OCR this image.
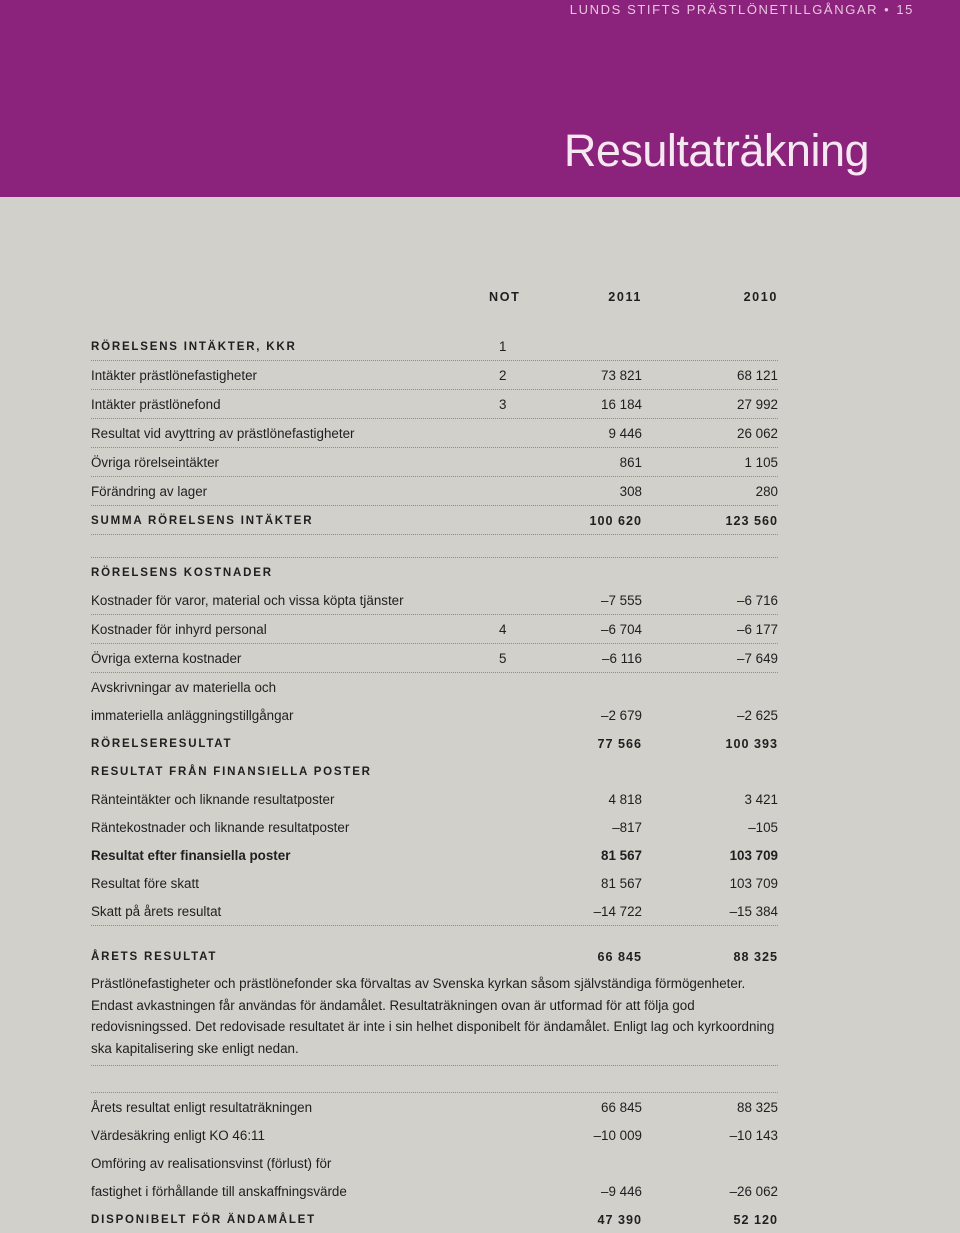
LUNDS STIFTS PRÄSTLÖNETILLGÅNGAR • 15
Resultaträkning
NOT	2011	2010
RÖRELSENS INTÄKTER, KKR	1
Intäkter prästlönefastigheter	2	73 821	68 121
Intäkter prästlönefond	3	16 184	27 992
Resultat vid avyttring av prästlönefastigheter	9 446	26 062
Övriga rörelseintäkter	861	1 105
Förändring av lager	308	280
SUMMA RÖRELSENS INTÄKTER	100 620	123 560
RÖRELSENS KOSTNADER
Kostnader för varor, material och vissa köpta tjänster	–7 555	–6 716
Kostnader för inhyrd personal	4	–6 704	–6 177
Övriga externa kostnader	5	–6 116	–7 649
Avskrivningar av materiella och
immateriella anläggningstillgångar	–2 679	–2 625
RÖRELSERESULTAT	77 566	100 393
RESULTAT FRÅN FINANSIELLA POSTER
Ränteintäkter och liknande resultatposter	4 818	3 421
Räntekostnader och liknande resultatposter	–817	–105
Resultat efter finansiella poster	81 567	103 709
Resultat före skatt	81 567	103 709
Skatt på årets resultat	–14 722	–15 384
ÅRETS RESULTAT	66 845	88 325
Prästlönefastigheter och prästlönefonder ska förvaltas av Svenska kyrkan såsom självständiga förmögenheter. Endast avkastningen får användas för ändamålet. Resultaträkningen ovan är utformad för att följa god redovisningssed. Det redovisade resultatet är inte i sin helhet disponibelt för ändamålet. Enligt lag och kyrkoordning ska kapitalisering ske enligt nedan.
Årets resultat enligt resultaträkningen	66 845	88 325
Värdesäkring enligt KO 46:11	–10 009	–10 143
Omföring av realisationsvinst (förlust) för
fastighet i förhållande till anskaffningsvärde	–9 446	–26 062
DISPONIBELT FÖR ÄNDAMÅLET	47 390	52 120
